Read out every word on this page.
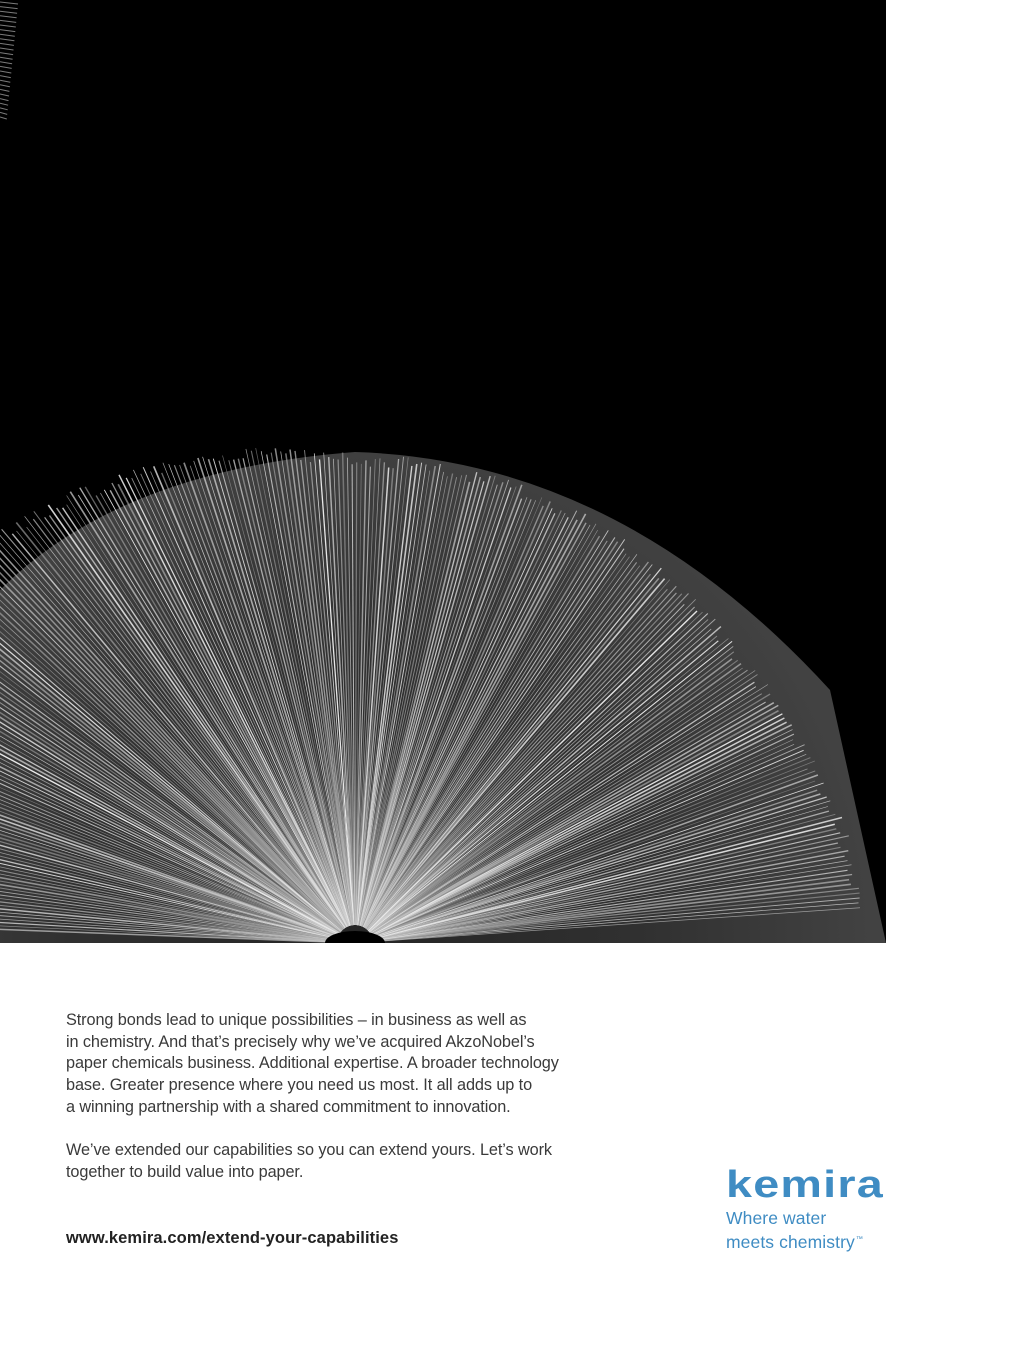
Strong bonds lead to unique possibilities – in business as well as
in chemistry. And that’s precisely why we’ve acquired AkzoNobel’s
paper chemicals business. Additional expertise. A broader technology
base. Greater presence where you need us most. It all adds up to
a winning partnership with a shared commitment to innovation.

We’ve extended our capabilities so you can extend yours. Let’s work
together to build value into paper.

www.kemira.com/extend-your-capabilities
kemira
Where water
meets chemistry™
